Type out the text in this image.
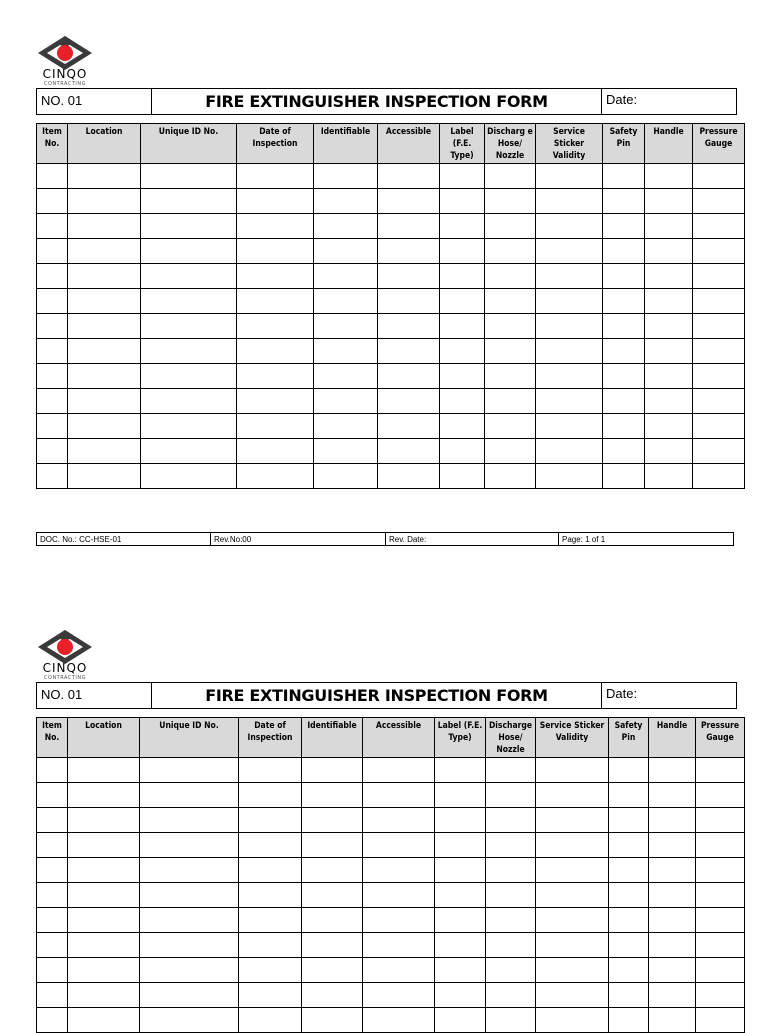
CINQO
CONTRACTING
NO. 01	FIRE EXTINGUISHER INSPECTION FORM	Date:
Item No.	Location	Unique ID No.	Date of Inspection	Identifiable	Accessible	Label (F.E. Type)	Discharg e Hose/ Nozzle	Service Sticker Validity	Safety Pin	Handle	Pressure Gauge

DOC. No.: CC-HSE-01	Rev.No:00	Rev. Date:	Page: 1 of 1
CINQO
CONTRACTING
NO. 01	FIRE EXTINGUISHER INSPECTION FORM	Date:
Item No.	Location	Unique ID No.	Date of Inspection	Identifiable	Accessible	Label (F.E. Type)	Discharge Hose/ Nozzle	Service Sticker Validity	Safety Pin	Handle	Pressure Gauge
